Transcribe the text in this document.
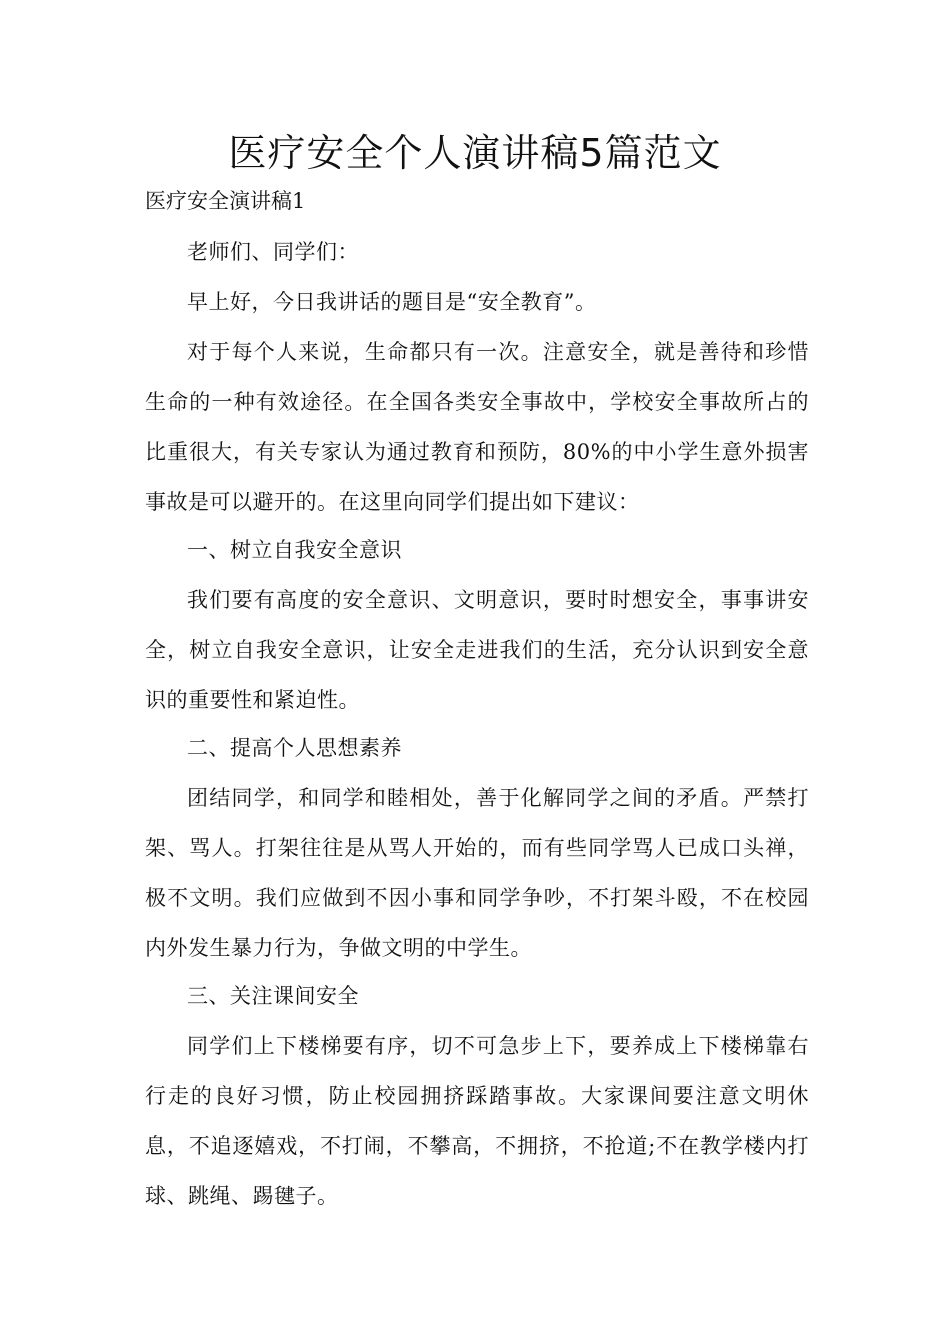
医疗安全个人演讲稿5篇范文

医疗安全演讲稿1

老师们、同学们：

早上好，今日我讲话的题目是“安全教育”。

对于每个人来说，生命都只有一次。注意安全，就是善待和珍惜生命的一种有效途径。在全国各类安全事故中，学校安全事故所占的比重很大，有关专家认为通过教育和预防，80%的中小学生意外损害事故是可以避开的。在这里向同学们提出如下建议：

一、树立自我安全意识

我们要有高度的安全意识、文明意识，要时时想安全，事事讲安全，树立自我安全意识，让安全走进我们的生活，充分认识到安全意识的重要性和紧迫性。

二、提高个人思想素养

团结同学，和同学和睦相处，善于化解同学之间的矛盾。严禁打架、骂人。打架往往是从骂人开始的，而有些同学骂人已成口头禅，极不文明。我们应做到不因小事和同学争吵，不打架斗殴，不在校园内外发生暴力行为，争做文明的中学生。

三、关注课间安全

同学们上下楼梯要有序，切不可急步上下，要养成上下楼梯靠右行走的良好习惯，防止校园拥挤踩踏事故。大家课间要注意文明休息，不追逐嬉戏，不打闹，不攀高，不拥挤，不抢道;不在教学楼内打球、跳绳、踢毽子。
